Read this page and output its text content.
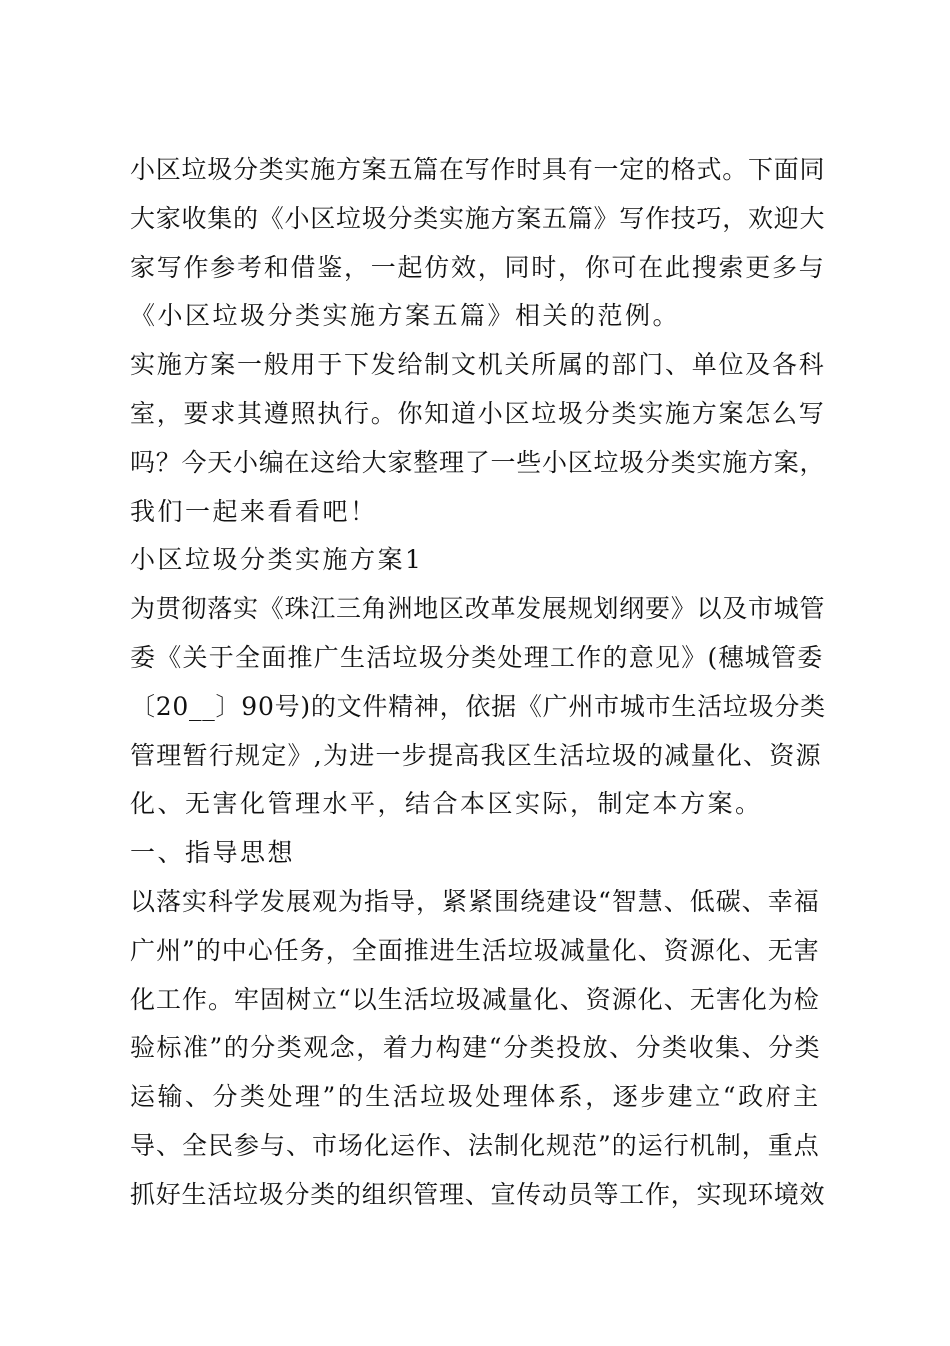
小区垃圾分类实施方案五篇在写作时具有一定的格式。下面同
大家收集的《小区垃圾分类实施方案五篇》写作技巧，欢迎大
家写作参考和借鉴，一起仿效，同时，你可在此搜索更多与
《小区垃圾分类实施方案五篇》相关的范例。
实施方案一般用于下发给制文机关所属的部门、单位及各科
室，要求其遵照执行。你知道小区垃圾分类实施方案怎么写
吗？今天小编在这给大家整理了一些小区垃圾分类实施方案，
我们一起来看看吧！
小区垃圾分类实施方案1
为贯彻落实《珠江三角洲地区改革发展规划纲要》以及市城管
委《关于全面推广生活垃圾分类处理工作的意见》(穗城管委
〔20__〕90号)的文件精神，依据《广州市城市生活垃圾分类
管理暂行规定》,为进一步提高我区生活垃圾的减量化、资源
化、无害化管理水平，结合本区实际，制定本方案。
一、指导思想
以落实科学发展观为指导，紧紧围绕建设“智慧、低碳、幸福
广州”的中心任务，全面推进生活垃圾减量化、资源化、无害
化工作。牢固树立“以生活垃圾减量化、资源化、无害化为检
验标准”的分类观念，着力构建“分类投放、分类收集、分类
运输、分类处理”的生活垃圾处理体系，逐步建立“政府主
导、全民参与、市场化运作、法制化规范”的运行机制，重点
抓好生活垃圾分类的组织管理、宣传动员等工作，实现环境效
